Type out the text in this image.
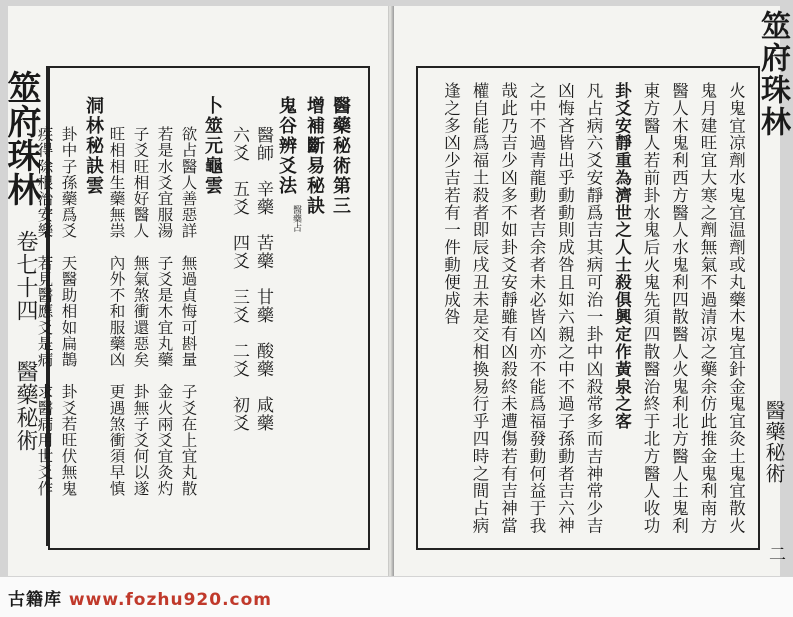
筮府珠林
醫藥秘術
二
火鬼宜凉劑水鬼宜温劑或丸藥木鬼宜針金鬼宜灸土鬼宜散火
鬼月建旺宜大寒之劑無氣不過清凉之藥余仿此推金鬼利南方
醫人木鬼利西方醫人水鬼利四散醫人火鬼利北方醫人土鬼利
東方醫人若前卦水鬼后火鬼先須四散醫治終于北方醫人收功
卦爻安靜重為濟世之人士殺俱興定作黃泉之客
凡占病六爻安靜爲吉其病可治一卦中凶殺常多而吉神常少吉
凶悔吝皆出乎動動則成咎且如六親之中不過子孫動者吉六神
之中不過青龍動者吉余者未必皆凶亦不能爲福發動何益于我
哉此乃吉少凶多不如卦爻安靜雖有凶殺終未遭傷若有吉神當
權自能爲福土殺者即辰戌丑未是交相換易行乎四時之間占病
逢之多凶少吉若有一件動便成咎
筮府珠林
卷七十四
醫藥秘術
醫藥秘術第三
增補斷易秘訣
醫藥占
鬼谷辨爻法
醫師　辛藥　苦藥　甘藥　酸藥　咸藥
六爻　五爻　四爻　三爻　二爻　初爻
卜筮元龜雲
欲占醫人善惡詳　無過貞悔可斟量　子爻在上宜丸散
若是水爻宜服湯　子爻是木宜丸藥　金火兩爻宜灸灼
子爻旺相好醫人　無氣煞衝還惡矣　卦無子爻何以遂
旺相相生藥無祟　內外不和服藥凶　更遇煞衝須早慎
洞林秘訣雲
卦中子孫藥爲爻　天醫助相如扁鵲　卦爻若旺伏無鬼
疾得除根治安樂　若見醫應爻是病　求醫病用世爻作
古籍库 www.fozhu920.com
